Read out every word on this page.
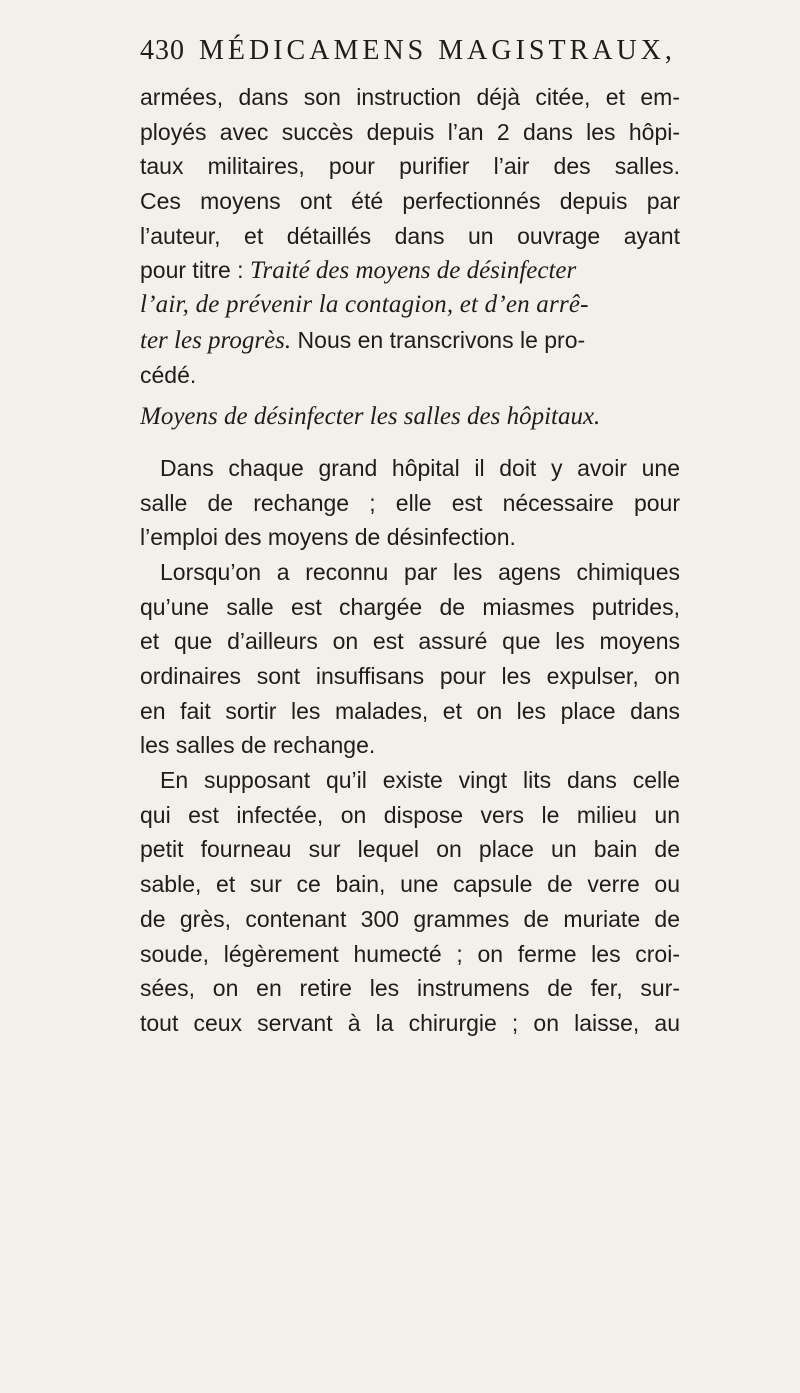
430 MÉDICAMENS MAGISTRAUX,
armées, dans son instruction déjà citée, et em-
ployés avec succès depuis l’an 2 dans les hôpi-
taux militaires, pour purifier l’air des salles.
Ces moyens ont été perfectionnés depuis par
l’auteur, et détaillés dans un ouvrage ayant
pour titre : Traité des moyens de désinfecter
l’air, de prévenir la contagion, et d’en arrê-
ter les progrès. Nous en transcrivons le pro-
cédé.
Moyens de désinfecter les salles des hôpitaux.
Dans chaque grand hôpital il doit y avoir une
salle de rechange ; elle est nécessaire pour
l’emploi des moyens de désinfection.
Lorsqu’on a reconnu par les agens chimiques
qu’une salle est chargée de miasmes putrides,
et que d’ailleurs on est assuré que les moyens
ordinaires sont insuffisans pour les expulser, on
en fait sortir les malades, et on les place dans
les salles de rechange.
En supposant qu’il existe vingt lits dans celle
qui est infectée, on dispose vers le milieu un
petit fourneau sur lequel on place un bain de
sable, et sur ce bain, une capsule de verre ou
de grès, contenant 300 grammes de muriate de
soude, légèrement humecté ; on ferme les croi-
sées, on en retire les instrumens de fer, sur-
tout ceux servant à la chirurgie ; on laisse, au
